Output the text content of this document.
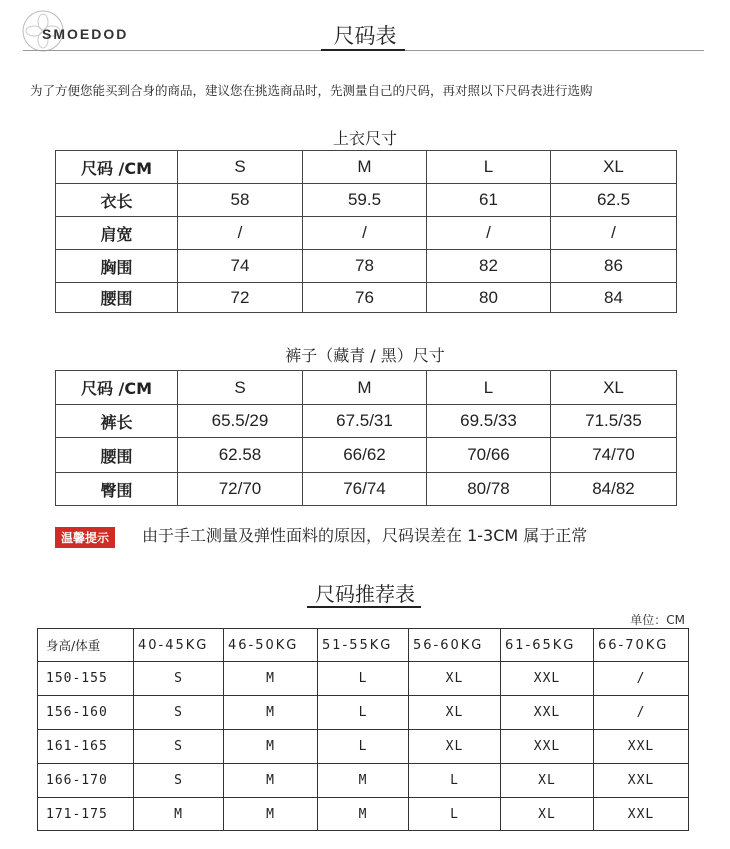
SMOEDOD	尺码表
为了方便您能买到合身的商品，建议您在挑选商品时，先测量自己的尺码，再对照以下尺码表进行选购
上衣尺寸
尺码 /CM	S	M	L	XL
衣长	58	59.5	61	62.5
肩宽	/	/	/	/
胸围	74	78	82	86
腰围	72	76	80	84
裤子（藏青 / 黑）尺寸
尺码 /CM	S	M	L	XL
裤长	65.5/29	67.5/31	69.5/33	71.5/35
腰围	62.58	66/62	70/66	74/70
臀围	72/70	76/74	80/78	84/82
温馨提示	由于手工测量及弹性面料的原因，尺码误差在 1-3CM 属于正常
尺码推荐表
单位：CM
身高/体重	40-45KG	46-50KG	51-55KG	56-60KG	61-65KG	66-70KG
150-155	S	M	L	XL	XXL	/
156-160	S	M	L	XL	XXL	/
161-165	S	M	L	XL	XXL	XXL
166-170	S	M	M	L	XL	XXL
171-175	M	M	M	L	XL	XXL
